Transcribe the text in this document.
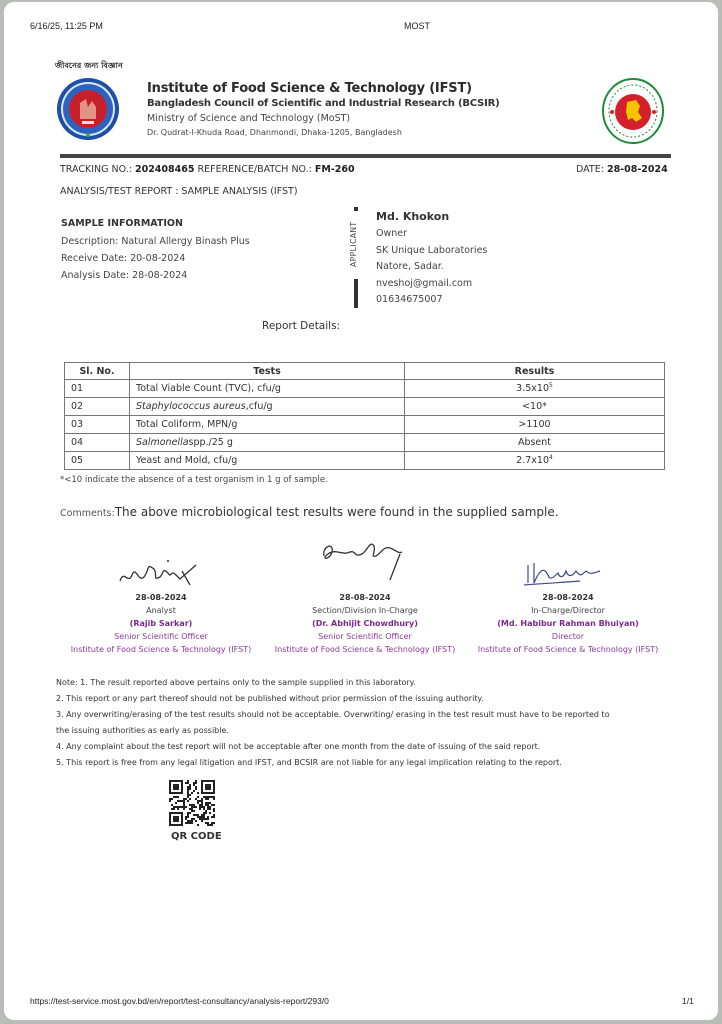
6/16/25, 11:25 PM	MOST
জীবনের জন্য বিজ্ঞান
Institute of Food Science & Technology (IFST)
Bangladesh Council of Scientific and Industrial Research (BCSIR)
Ministry of Science and Technology (MoST)
Dr. Qudrat-I-Khuda Road, Dhanmondi, Dhaka-1205, Bangladesh
TRACKING NO.: 202408465 REFERENCE/BATCH NO.: FM-260	DATE: 28-08-2024
ANALYSIS/TEST REPORT : SAMPLE ANALYSIS (IFST)
SAMPLE INFORMATION
Description: Natural Allergy Binash Plus
Receive Date: 20-08-2024
Analysis Date: 28-08-2024
APPLICANT
Md. Khokon
Owner
SK Unique Laboratories
Natore, Sadar.
nveshoj@gmail.com
01634675007
Report Details:
Sl. No.	Tests	Results
01	Total Viable Count (TVC), cfu/g	$3.5x10^5$
02	Staphylococcus aureus,cfu/g	<10*
03	Total Coliform, MPN/g	>1100
04	Salmonellaspp./25 g	Absent
05	Yeast and Mold, cfu/g	$2.7x10^4$
*<10 indicate the absence of a test organism in 1 g of sample.
Comments:The above microbiological test results were found in the supplied sample.
28-08-2024
Analyst
(Rajib Sarkar)
Senior Scientific Officer
Institute of Food Science & Technology (IFST)
28-08-2024
Section/Division In-Charge
(Dr. Abhijit Chowdhury)
Senior Scientific Officer
Institute of Food Science & Technology (IFST)
28-08-2024
In-Charge/Director
(Md. Habibur Rahman Bhuiyan)
Director
Institute of Food Science & Technology (IFST)
Note: 1. The result reported above pertains only to the sample supplied in this laboratory.
2. This report or any part thereof should not be published without prior permission of the issuing authority.
3. Any overwriting/erasing of the test results should not be acceptable. Overwriting/ erasing in the test result must have to be reported to
the issuing authorities as early as possible.
4. Any complaint about the test report will not be acceptable after one month from the date of issuing of the said report.
5. This report is free from any legal litigation and IFST, and BCSIR are not liable for any legal implication relating to the report.
QR CODE
https://test-service.most.gov.bd/en/report/test-consultancy/analysis-report/293/0	1/1
